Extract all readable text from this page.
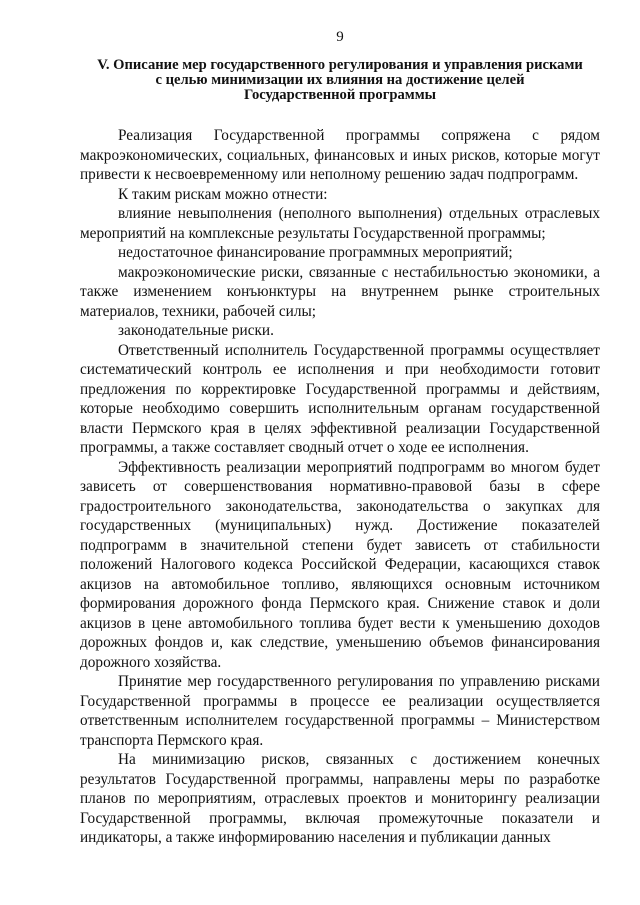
9
V. Описание мер государственного регулирования и управления рисками
с целью минимизации их влияния на достижение целей
Государственной программы

Реализация Государственной программы сопряжена с рядом макроэкономических, социальных, финансовых и иных рисков, которые могут привести к несвоевременному или неполному решению задач подпрограмм.

К таким рискам можно отнести:

влияние невыполнения (неполного выполнения) отдельных отраслевых мероприятий на комплексные результаты Государственной программы;

недостаточное финансирование программных мероприятий;

макроэкономические риски, связанные с нестабильностью экономики, а также изменением конъюнктуры на внутреннем рынке строительных материалов, техники, рабочей силы;

законодательные риски.

Ответственный исполнитель Государственной программы осуществляет систематический контроль ее исполнения и при необходимости готовит предложения по корректировке Государственной программы и действиям, которые необходимо совершить исполнительным органам государственной власти Пермского края в целях эффективной реализации Государственной программы, а также составляет сводный отчет о ходе ее исполнения.

Эффективность реализации мероприятий подпрограмм во многом будет зависеть от совершенствования нормативно-правовой базы в сфере градостроительного законодательства, законодательства о закупках для государственных (муниципальных) нужд. Достижение показателей подпрограмм в значительной степени будет зависеть от стабильности положений Налогового кодекса Российской Федерации, касающихся ставок акцизов на автомобильное топливо, являющихся основным источником формирования дорожного фонда Пермского края. Снижение ставок и доли акцизов в цене автомобильного топлива будет вести к уменьшению доходов дорожных фондов и, как следствие, уменьшению объемов финансирования дорожного хозяйства.

Принятие мер государственного регулирования по управлению рисками Государственной программы в процессе ее реализации осуществляется ответственным исполнителем государственной программы – Министерством транспорта Пермского края.

На минимизацию рисков, связанных с достижением конечных результатов Государственной программы, направлены меры по разработке планов по мероприятиям, отраслевых проектов и мониторингу реализации Государственной программы, включая промежуточные показатели и индикаторы, а также информированию населения и публикации данных
